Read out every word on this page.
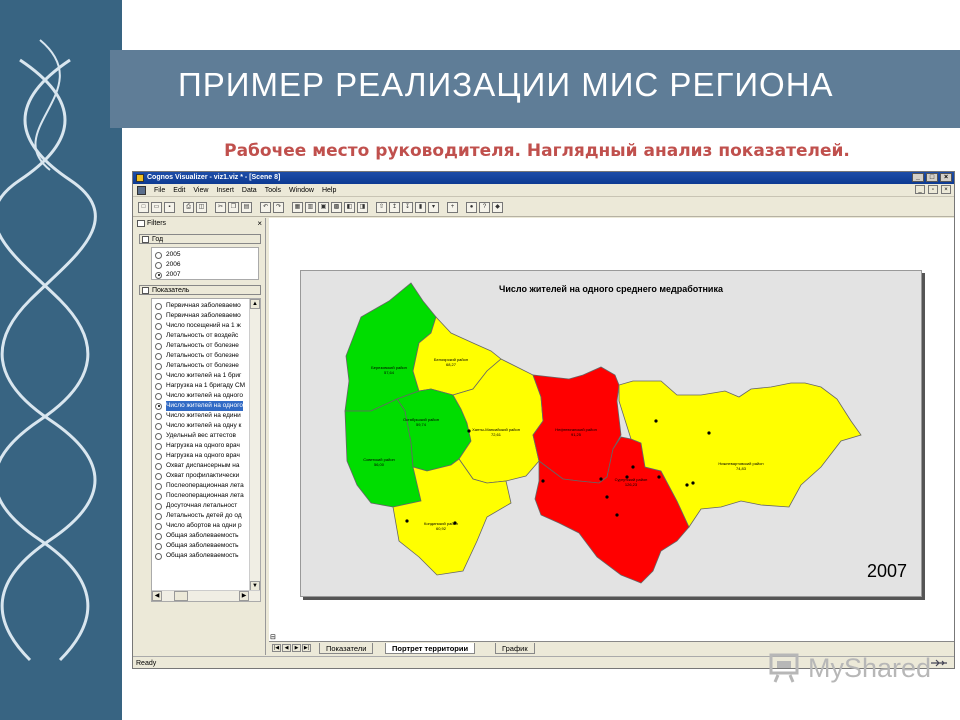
ПРИМЕР РЕАЛИЗАЦИИ МИС РЕГИОНА
Рабочее место руководителя. Наглядный анализ показателей.
Cognos Visualizer - viz1.viz * - [Scene 8]	_	□	×
File Edit View Insert Data Tools Window Help	_	▫	×
□	▭	▪	⎙	◫	✂	❐	▤	↶	↷	▦	▥	▣	▩	◧	◨	⇧	↥	↧	▮	▾	+	●	?	◆
Filters	×
Год
2005
2006
2007
Показатель
Первичная заболеваемо
Первичная заболеваемо
Число посещений на 1 ж
Летальность от воздейс
Летальность от болезне
Летальность от болезне
Летальность от болезне
Число жителей на 1 бриг
Нагрузка на 1 бригаду СМ
Число жителей на одного
Число жителей на одного
Число жителей на едини
Число жителей на одну к
Удельный вес аттестов
Нагрузка на одного врач
Нагрузка на одного врач
Охват диспансерным на
Охват профилактически
Послеоперационная лета
Послеоперационная лета
Досуточная летальност
Летальность детей до од
Число абортов на одни р
Общая заболеваемость
Общая заболеваемость
Общая заболеваемость
▲
▼
◀	▶
Березовский район
57,64
Белоярский район
68,27
Октябрьский район
59,74
Советский район
56,00
Ханты-Мансийский район
72,61
Кондинский район
60,92
Нефтеюганский район
91,25
Сургутский район
126,23
Нижневартовский район
74,83
Число жителей на одного среднего медработника
2007
⊟
|◀	◀	▶	▶|	Показатели	Портрет территории	График
Ready	MyShared
